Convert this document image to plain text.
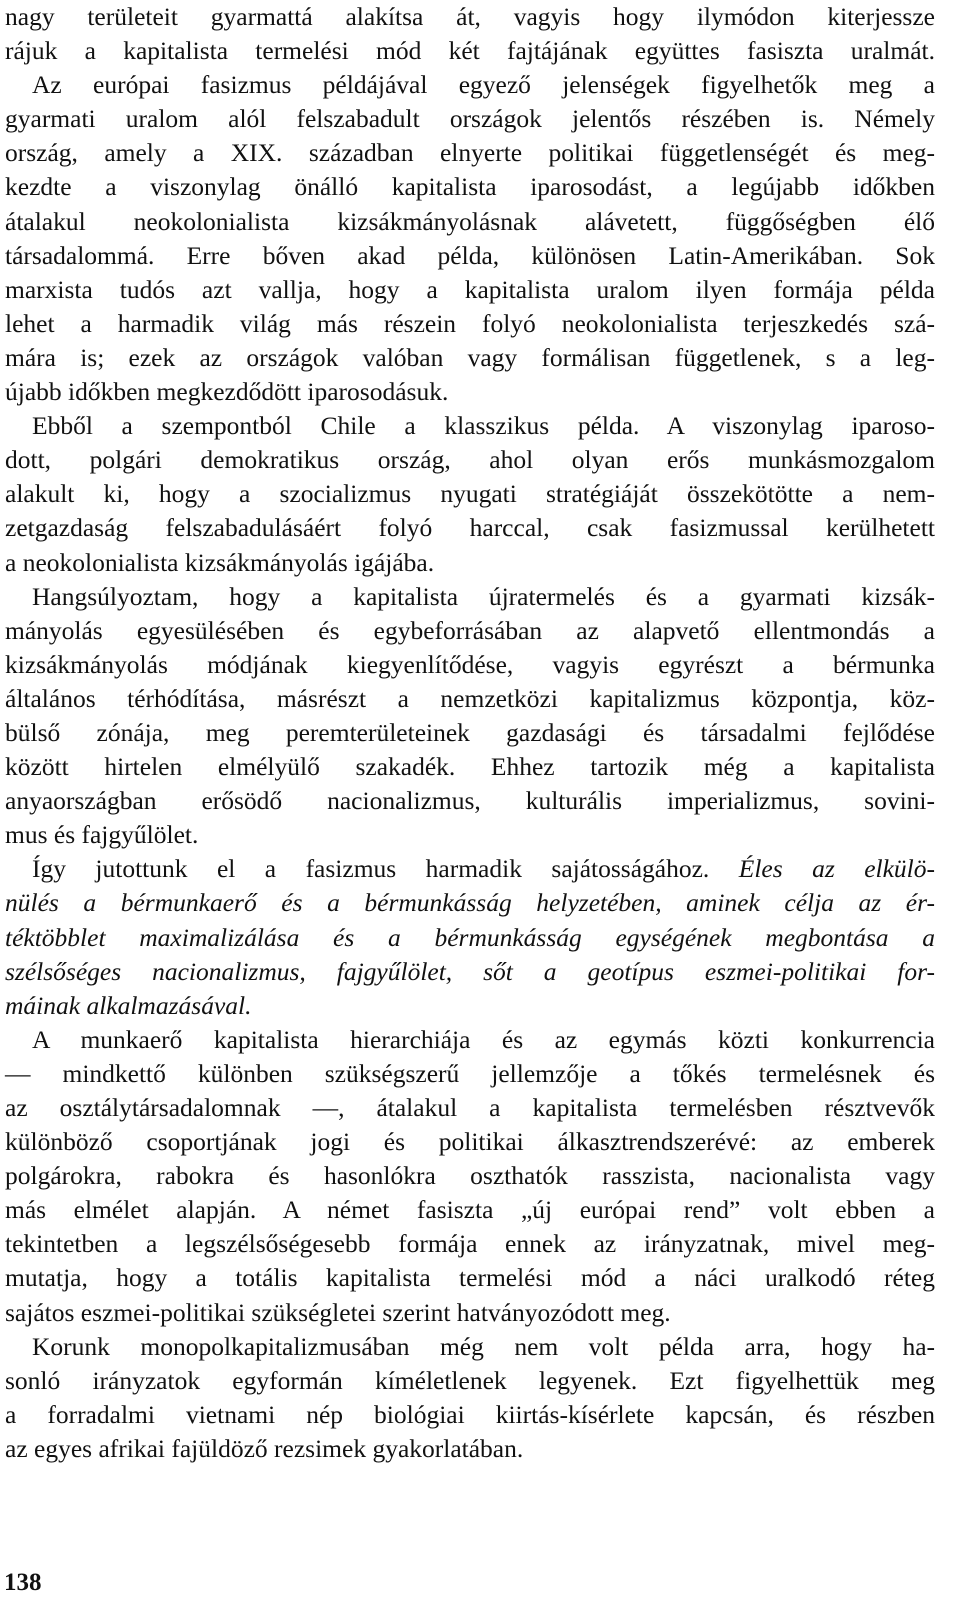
nagy területeit gyarmattá alakítsa át, vagyis hogy ilymódon kiterjessze
rájuk a kapitalista termelési mód két fajtájának együttes fasiszta uralmát.
Az európai fasizmus példájával egyező jelenségek figyelhetők meg a
gyarmati uralom alól felszabadult országok jelentős részében is. Némely
ország, amely a XIX. században elnyerte politikai függetlenségét és meg-
kezdte a viszonylag önálló kapitalista iparosodást, a legújabb időkben
átalakul neokolonialista kizsákmányolásnak alávetett, függőségben élő
társadalommá. Erre bőven akad példa, különösen Latin-Amerikában. Sok
marxista tudós azt vallja, hogy a kapitalista uralom ilyen formája példa
lehet a harmadik világ más részein folyó neokolonialista terjeszkedés szá-
mára is; ezek az országok valóban vagy formálisan függetlenek, s a leg-
újabb időkben megkezdődött iparosodásuk.
Ebből a szempontból Chile a klasszikus példa. A viszonylag iparoso-
dott, polgári demokratikus ország, ahol olyan erős munkásmozgalom
alakult ki, hogy a szocializmus nyugati stratégiáját összekötötte a nem-
zetgazdaság felszabadulásáért folyó harccal, csak fasizmussal kerülhetett
a neokolonialista kizsákmányolás igájába.
Hangsúlyoztam, hogy a kapitalista újratermelés és a gyarmati kizsák-
mányolás egyesülésében és egybeforrásában az alapvető ellentmondás a
kizsákmányolás módjának kiegyenlítődése, vagyis egyrészt a bérmunka
általános térhódítása, másrészt a nemzetközi kapitalizmus központja, köz-
bülső zónája, meg peremterületeinek gazdasági és társadalmi fejlődése
között hirtelen elmélyülő szakadék. Ehhez tartozik még a kapitalista
anyaországban erősödő nacionalizmus, kulturális imperializmus, sovini-
mus és fajgyűlölet.
Így jutottunk el a fasizmus harmadik sajátosságához. Éles az elkülö-
nülés a bérmunkaerő és a bérmunkásság helyzetében, aminek célja az ér-
téktöbblet maximalizálása és a bérmunkásság egységének megbontása a
szélsőséges nacionalizmus, fajgyűlölet, sőt a geotípus eszmei-politikai for-
máinak alkalmazásával.
A munkaerő kapitalista hierarchiája és az egymás közti konkurrencia
— mindkettő különben szükségszerű jellemzője a tőkés termelésnek és
az osztálytársadalomnak —, átalakul a kapitalista termelésben résztvevők
különböző csoportjának jogi és politikai álkasztrendszerévé: az emberek
polgárokra, rabokra és hasonlókra oszthatók rasszista, nacionalista vagy
más elmélet alapján. A német fasiszta „új európai rend” volt ebben a
tekintetben a legszélsőségesebb formája ennek az irányzatnak, mivel meg-
mutatja, hogy a totális kapitalista termelési mód a náci uralkodó réteg
sajátos eszmei-politikai szükségletei szerint hatványozódott meg.
Korunk monopolkapitalizmusában még nem volt példa arra, hogy ha-
sonló irányzatok egyformán kíméletlenek legyenek. Ezt figyelhettük meg
a forradalmi vietnami nép biológiai kiirtás-kísérlete kapcsán, és részben
az egyes afrikai fajüldöző rezsimek gyakorlatában.
138
